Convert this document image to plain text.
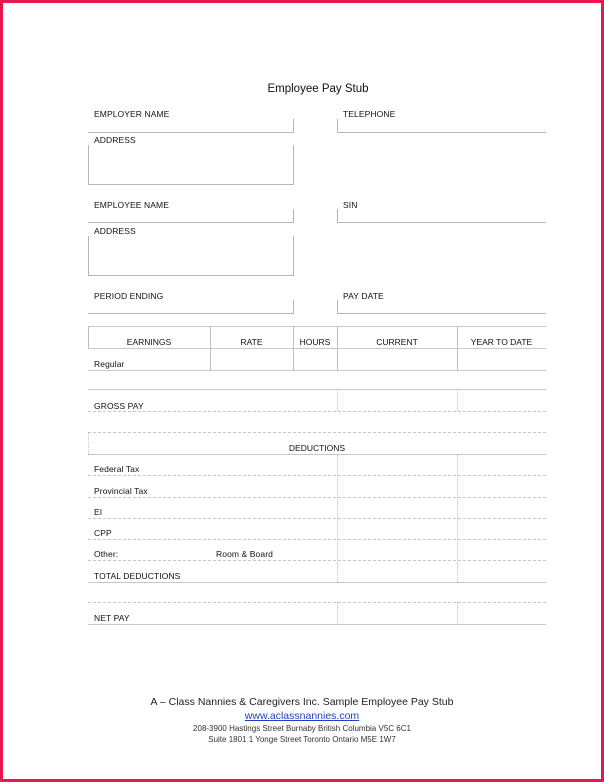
Employee Pay Stub
EMPLOYER NAME	TELEPHONE
ADDRESS
EMPLOYEE NAME	SIN
ADDRESS
PERIOD ENDING	PAY DATE
EARNINGS	RATE	HOURS	CURRENT	YEAR TO DATE
Regular
GROSS PAY
DEDUCTIONS
Federal Tax
Provincial Tax
EI
CPP
Other:	Room & Board
TOTAL DEDUCTIONS
NET PAY
A – Class Nannies & Caregivers Inc. Sample Employee Pay Stub
www.aclassnannies.com
208-3900 Hastings Street Burnaby British Columbia V5C 6C1
Suite 1801 1 Yonge Street Toronto Ontario M5E 1W7
